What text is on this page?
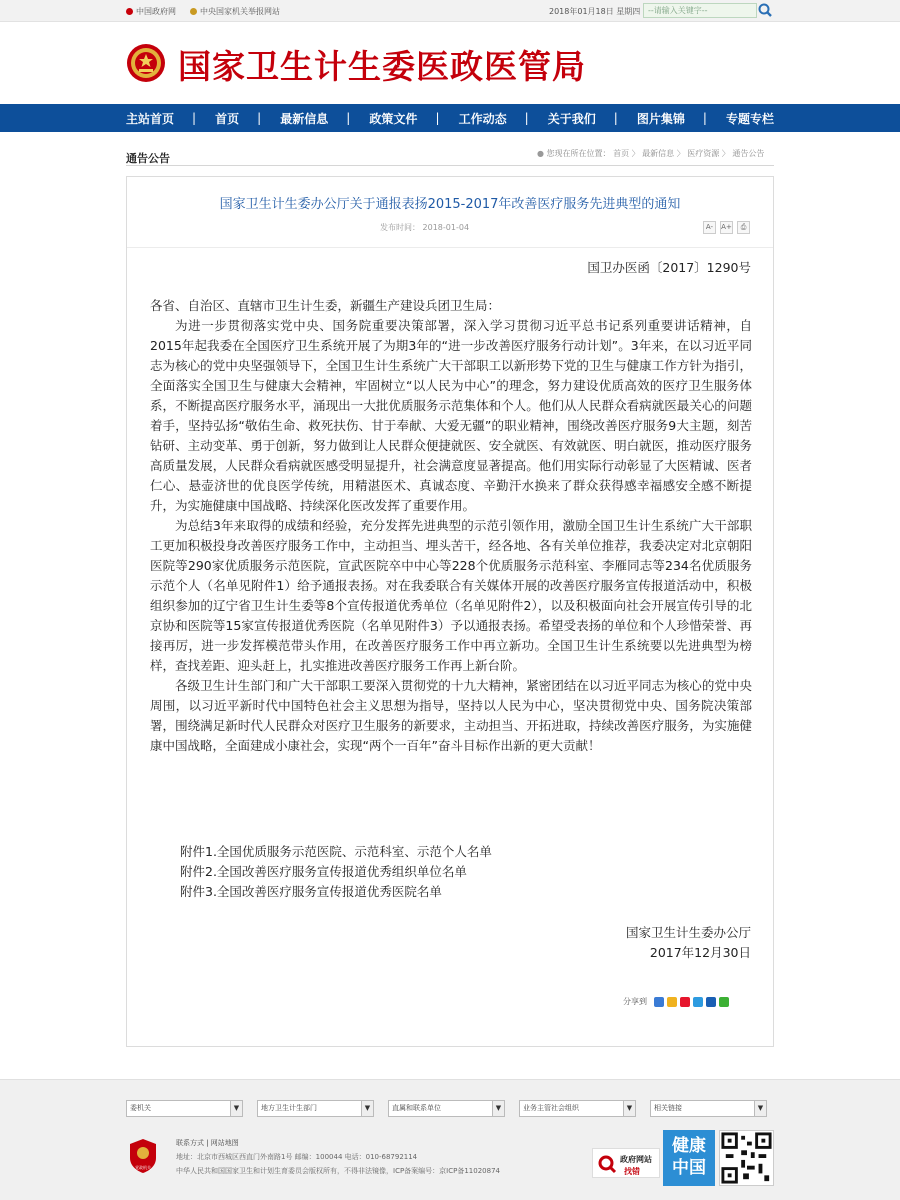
中国政府网	中央国家机关举报网站	2018年01月18日 星期四 --请输入关键字--
国家卫生计生委医政医管局
主站首页 | 首页 | 最新信息 | 政策文件 | 工作动态 | 关于我们 | 图片集锦 | 专题专栏
通告公告	● 您现在所在位置： 首页 〉 最新信息 〉 医疗资源 〉 通告公告
国家卫生计生委办公厅关于通报表扬2015-2017年改善医疗服务先进典型的通知
发布时间： 2018-01-04	A-	A+	⎙
国卫办医函〔2017〕1290号
各省、自治区、直辖市卫生计生委，新疆生产建设兵团卫生局：

为进一步贯彻落实党中央、国务院重要决策部署，深入学习贯彻习近平总书记系列重要讲话精神，自2015年起我委在全国医疗卫生系统开展了为期3年的“进一步改善医疗服务行动计划”。3年来，在以习近平同志为核心的党中央坚强领导下，全国卫生计生系统广大干部职工以新形势下党的卫生与健康工作方针为指引，全面落实全国卫生与健康大会精神，牢固树立“以人民为中心”的理念，努力建设优质高效的医疗卫生服务体系，不断提高医疗服务水平，涌现出一大批优质服务示范集体和个人。他们从人民群众看病就医最关心的问题着手，坚持弘扬“敬佑生命、救死扶伤、甘于奉献、大爱无疆”的职业精神，围绕改善医疗服务9大主题，刻苦钻研、主动变革、勇于创新，努力做到让人民群众便捷就医、安全就医、有效就医、明白就医，推动医疗服务高质量发展，人民群众看病就医感受明显提升，社会满意度显著提高。他们用实际行动彰显了大医精诚、医者仁心、悬壶济世的优良医学传统，用精湛医术、真诚态度、辛勤汗水换来了群众获得感幸福感安全感不断提升，为实施健康中国战略、持续深化医改发挥了重要作用。

为总结3年来取得的成绩和经验，充分发挥先进典型的示范引领作用，激励全国卫生计生系统广大干部职工更加积极投身改善医疗服务工作中，主动担当、埋头苦干，经各地、各有关单位推荐，我委决定对北京朝阳医院等290家优质服务示范医院，宣武医院卒中中心等228个优质服务示范科室、李雁同志等234名优质服务示范个人（名单见附件1）给予通报表扬。对在我委联合有关媒体开展的改善医疗服务宣传报道活动中，积极组织参加的辽宁省卫生计生委等8个宣传报道优秀单位（名单见附件2），以及积极面向社会开展宣传引导的北京协和医院等15家宣传报道优秀医院（名单见附件3）予以通报表扬。希望受表扬的单位和个人珍惜荣誉、再接再厉，进一步发挥模范带头作用，在改善医疗服务工作中再立新功。全国卫生计生系统要以先进典型为榜样，查找差距、迎头赶上，扎实推进改善医疗服务工作再上新台阶。

各级卫生计生部门和广大干部职工要深入贯彻党的十九大精神，紧密团结在以习近平同志为核心的党中央周围，以习近平新时代中国特色社会主义思想为指导，坚持以人民为中心，坚决贯彻党中央、国务院决策部署，围绕满足新时代人民群众对医疗卫生服务的新要求，主动担当、开拓进取，持续改善医疗服务，为实施健康中国战略，全面建成小康社会，实现“两个一百年”奋斗目标作出新的更大贡献！

附件1.全国优质服务示范医院、示范科室、示范个人名单
附件2.全国改善医疗服务宣传报道优秀组织单位名单
附件3.全国改善医疗服务宣传报道优秀医院名单
国家卫生计生委办公厅
2017年12月30日
分享到
委机关	▼	地方卫生计生部门	▼	直属和联系单位	▼	业务主管社会组织	▼	相关链接	▼
党政机关
联系方式 | 网站地图
地址：北京市西城区西直门外南路1号 邮编：100044 电话：010-68792114
中华人民共和国国家卫生和计划生育委员会版权所有，不得非法镜像，ICP备案编号：京ICP备11020874
政府网站
找错
健康
中国
